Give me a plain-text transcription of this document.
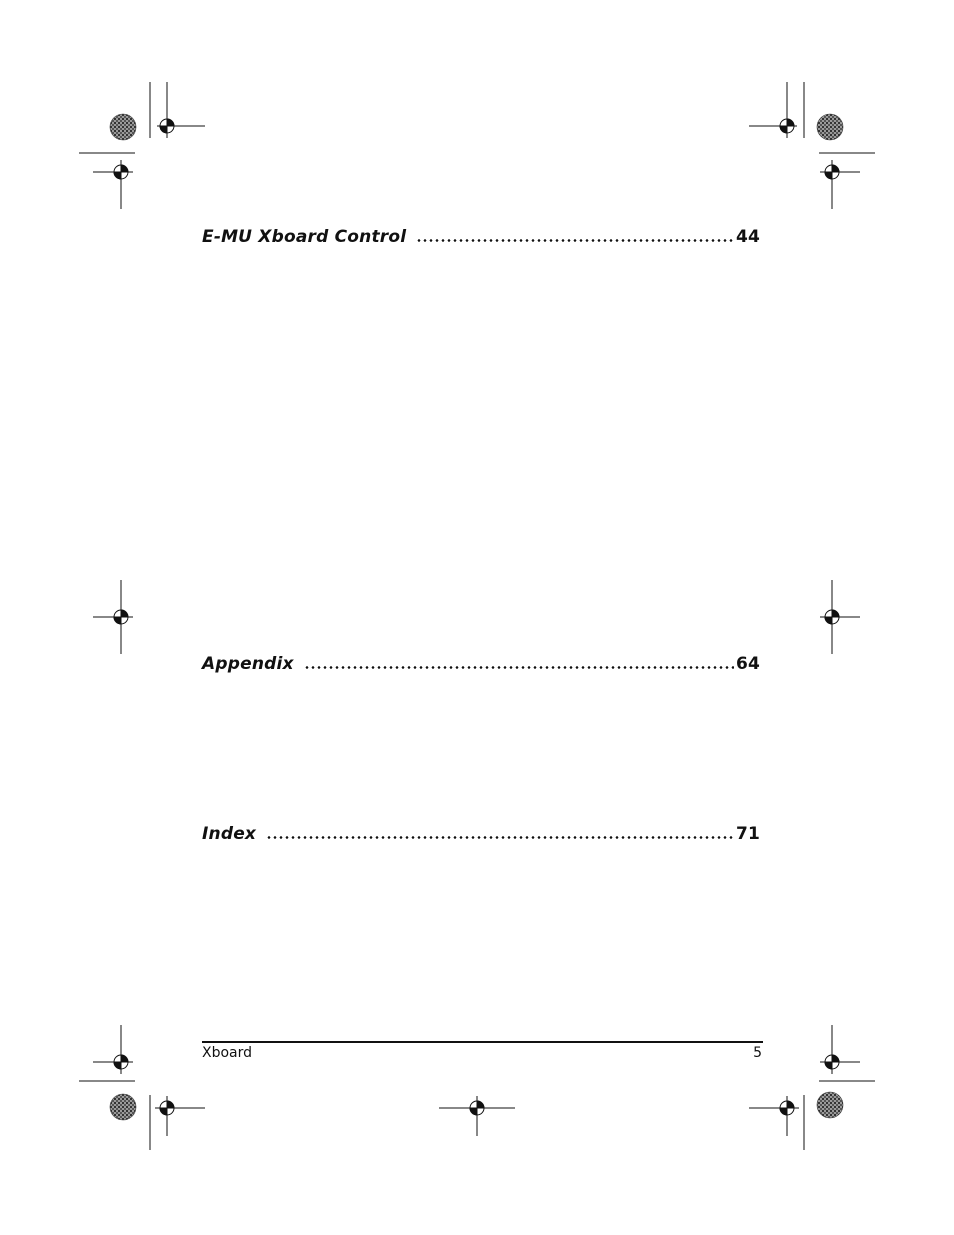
E-MU Xboard Control	44
Appendix	64
Index	71
Xboard	5
